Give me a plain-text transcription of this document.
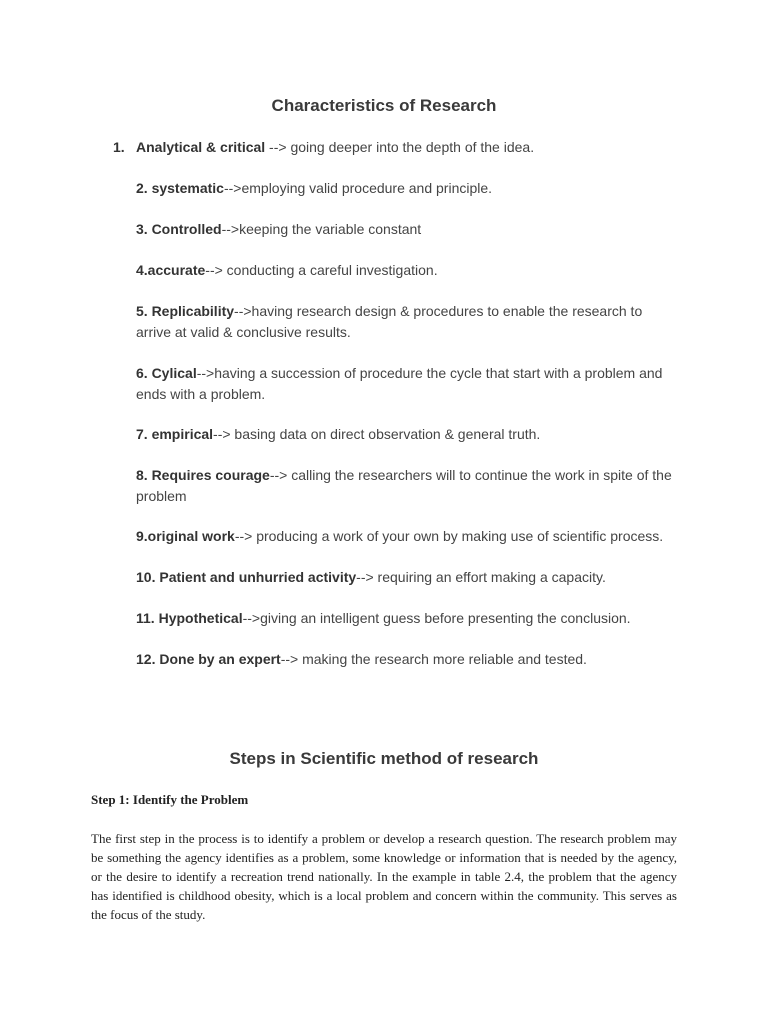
Characteristics of Research
1. Analytical & critical --> going deeper into the depth of the idea.
2. systematic-->employing valid procedure and principle.
3. Controlled-->keeping the variable constant
4.accurate--> conducting a careful investigation.
5. Replicability-->having research design & procedures to enable the research to arrive at valid & conclusive results.
6. Cylical-->having a succession of procedure the cycle that start with a problem and ends with a problem.
7. empirical--> basing data on direct observation & general truth.
8. Requires courage--> calling the researchers will to continue the work in spite of the problem
9.original work--> producing a work of your own by making use of scientific process.
10. Patient and unhurried activity--> requiring an effort making a capacity.
11. Hypothetical-->giving an intelligent guess before presenting the conclusion.
12. Done by an expert--> making the research more reliable and tested.
Steps in Scientific method of research
Step 1: Identify the Problem

The first step in the process is to identify a problem or develop a research question. The research problem may be something the agency identifies as a problem, some knowledge or information that is needed by the agency, or the desire to identify a recreation trend nationally. In the example in table 2.4, the problem that the agency has identified is childhood obesity, which is a local problem and concern within the community. This serves as the focus of the study.
